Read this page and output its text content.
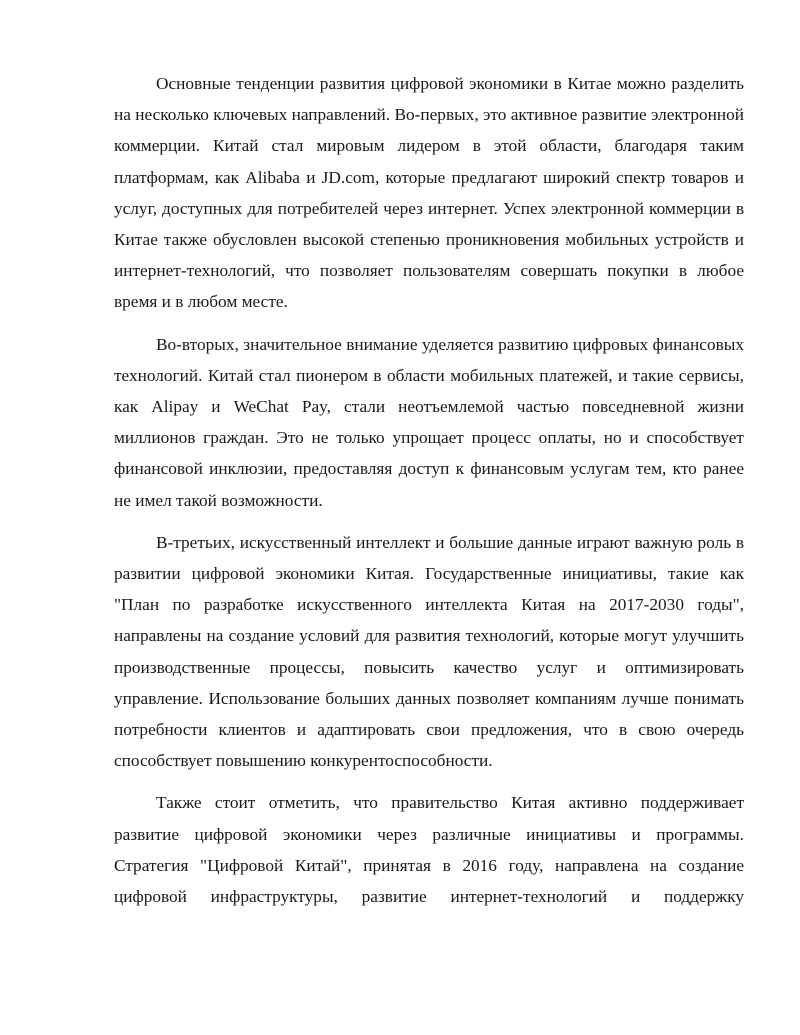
Основные тенденции развития цифровой экономики в Китае можно разделить на несколько ключевых направлений. Во-первых, это активное развитие электронной коммерции. Китай стал мировым лидером в этой области, благодаря таким платформам, как Alibaba и JD.com, которые предлагают широкий спектр товаров и услуг, доступных для потребителей через интернет. Успех электронной коммерции в Китае также обусловлен высокой степенью проникновения мобильных устройств и интернет-технологий, что позволяет пользователям совершать покупки в любое время и в любом месте.

Во-вторых, значительное внимание уделяется развитию цифровых финансовых технологий. Китай стал пионером в области мобильных платежей, и такие сервисы, как Alipay и WeChat Pay, стали неотъемлемой частью повседневной жизни миллионов граждан. Это не только упрощает процесс оплаты, но и способствует финансовой инклюзии, предоставляя доступ к финансовым услугам тем, кто ранее не имел такой возможности.

В-третьих, искусственный интеллект и большие данные играют важную роль в развитии цифровой экономики Китая. Государственные инициативы, такие как "План по разработке искусственного интеллекта Китая на 2017-2030 годы", направлены на создание условий для развития технологий, которые могут улучшить производственные процессы, повысить качество услуг и оптимизировать управление. Использование больших данных позволяет компаниям лучше понимать потребности клиентов и адаптировать свои предложения, что в свою очередь способствует повышению конкурентоспособности.

Также стоит отметить, что правительство Китая активно поддерживает развитие цифровой экономики через различные инициативы и программы. Стратегия "Цифровой Китай", принятая в 2016 году, направлена на создание цифровой инфраструктуры, развитие интернет-технологий и поддержку
